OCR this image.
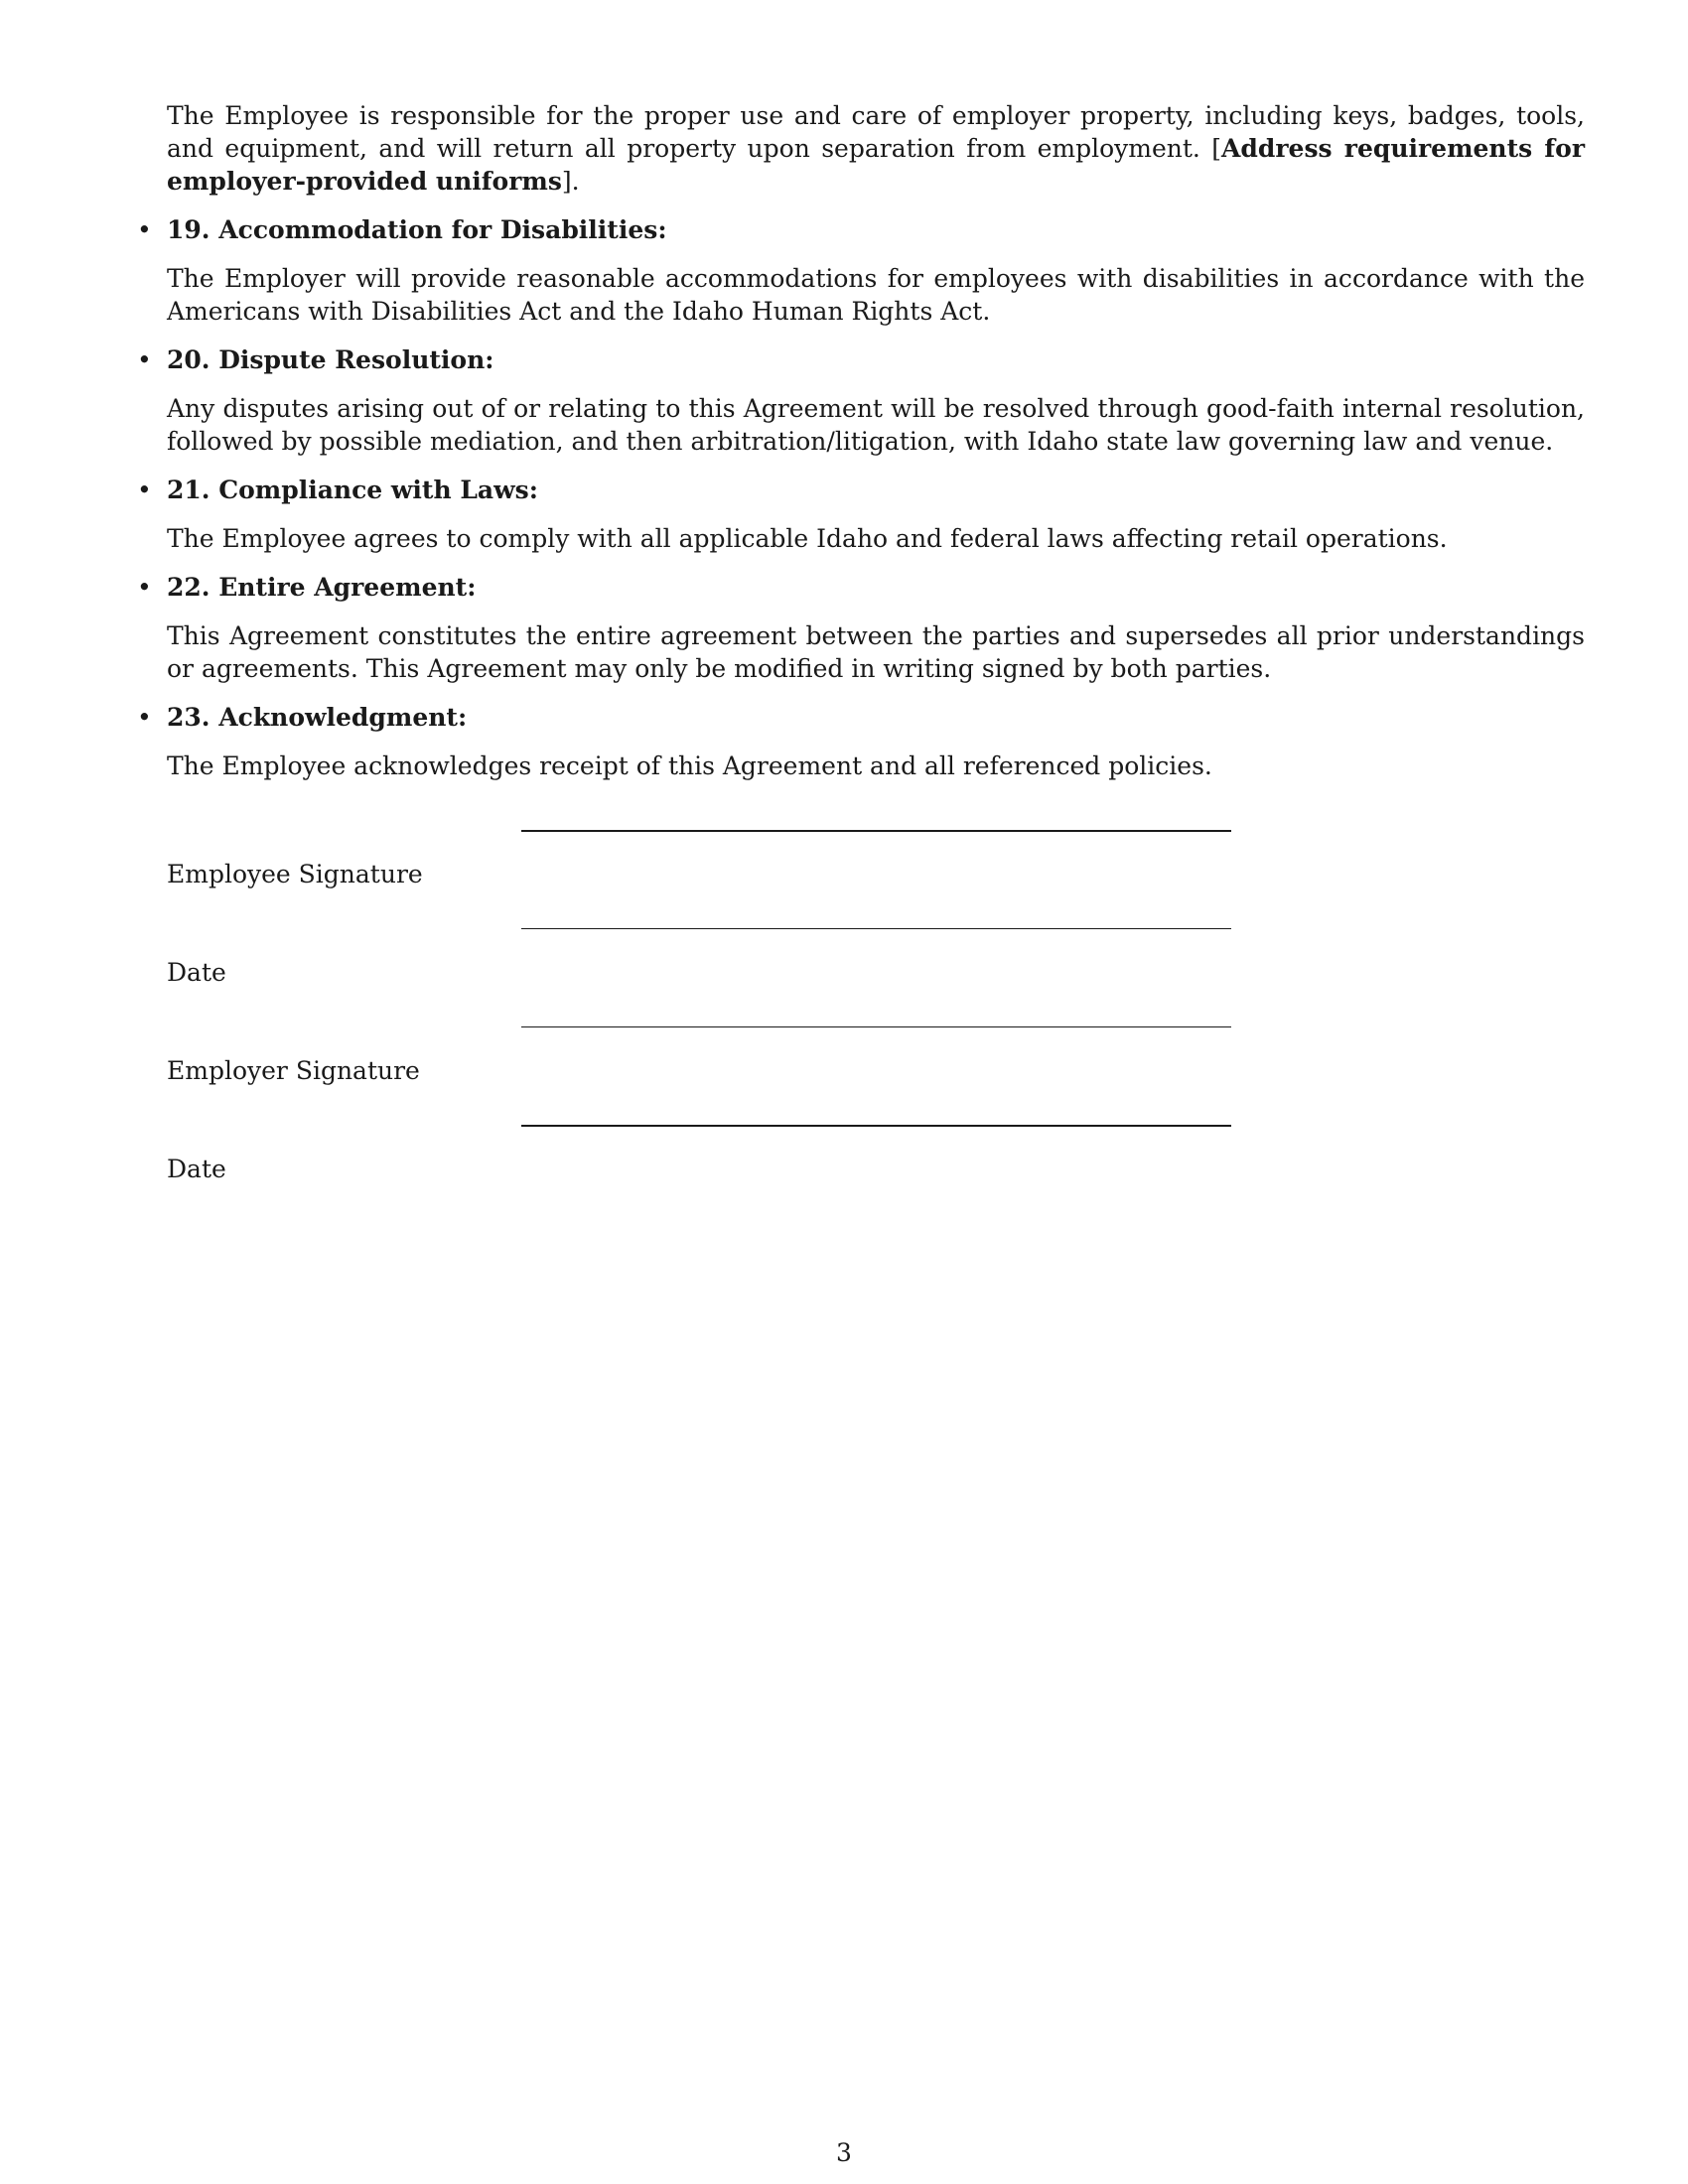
The Employee is responsible for the proper use and care of employer property, including keys, badges, tools, and equipment, and will return all property upon separation from employment. [Address requirements for employer-provided uniforms].

• 19. Accommodation for Disabilities:

The Employer will provide reasonable accommodations for employees with disabilities in accordance with the Americans with Disabilities Act and the Idaho Human Rights Act.

• 20. Dispute Resolution:

Any disputes arising out of or relating to this Agreement will be resolved through good-faith internal resolution, followed by possible mediation, and then arbitration/litigation, with Idaho state law governing law and venue.

• 21. Compliance with Laws:

The Employee agrees to comply with all applicable Idaho and federal laws affecting retail operations.

• 22. Entire Agreement:

This Agreement constitutes the entire agreement between the parties and supersedes all prior understandings or agreements. This Agreement may only be modified in writing signed by both parties.

• 23. Acknowledgment:

The Employee acknowledges receipt of this Agreement and all referenced policies.

Employee Signature
Date
Employer Signature
Date
3
